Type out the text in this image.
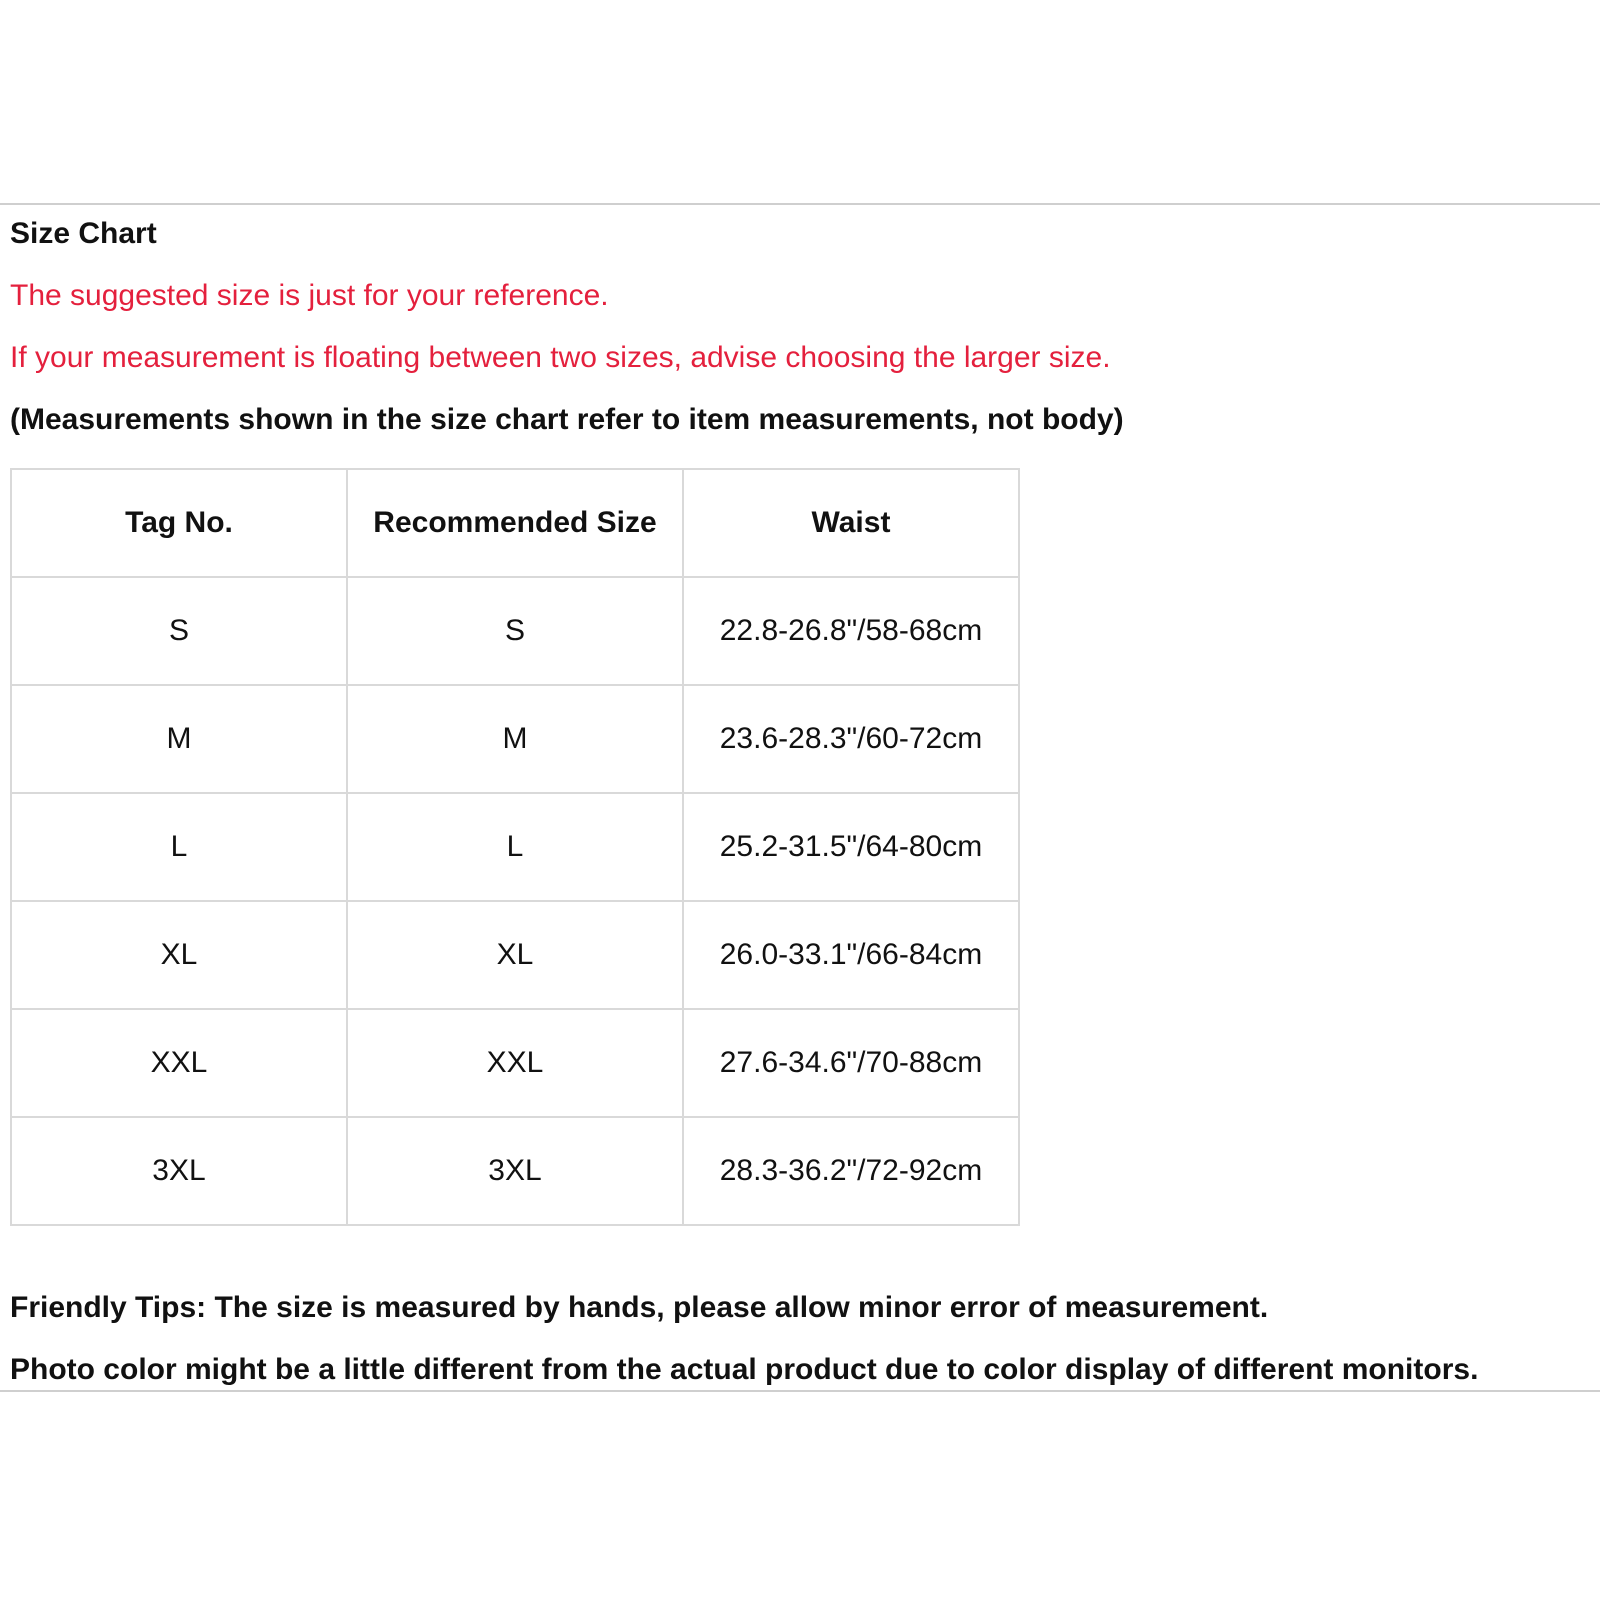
Size Chart
The suggested size is just for your reference.
If your measurement is floating between two sizes, advise choosing the larger size.
(Measurements shown in the size chart refer to item measurements, not body)
Tag No.	Recommended Size	Waist
S	S	22.8-26.8"/58-68cm
M	M	23.6-28.3"/60-72cm
L	L	25.2-31.5"/64-80cm
XL	XL	26.0-33.1"/66-84cm
XXL	XXL	27.6-34.6"/70-88cm
3XL	3XL	28.3-36.2"/72-92cm
Friendly Tips: The size is measured by hands, please allow minor error of measurement.
Photo color might be a little different from the actual product due to color display of different monitors.
